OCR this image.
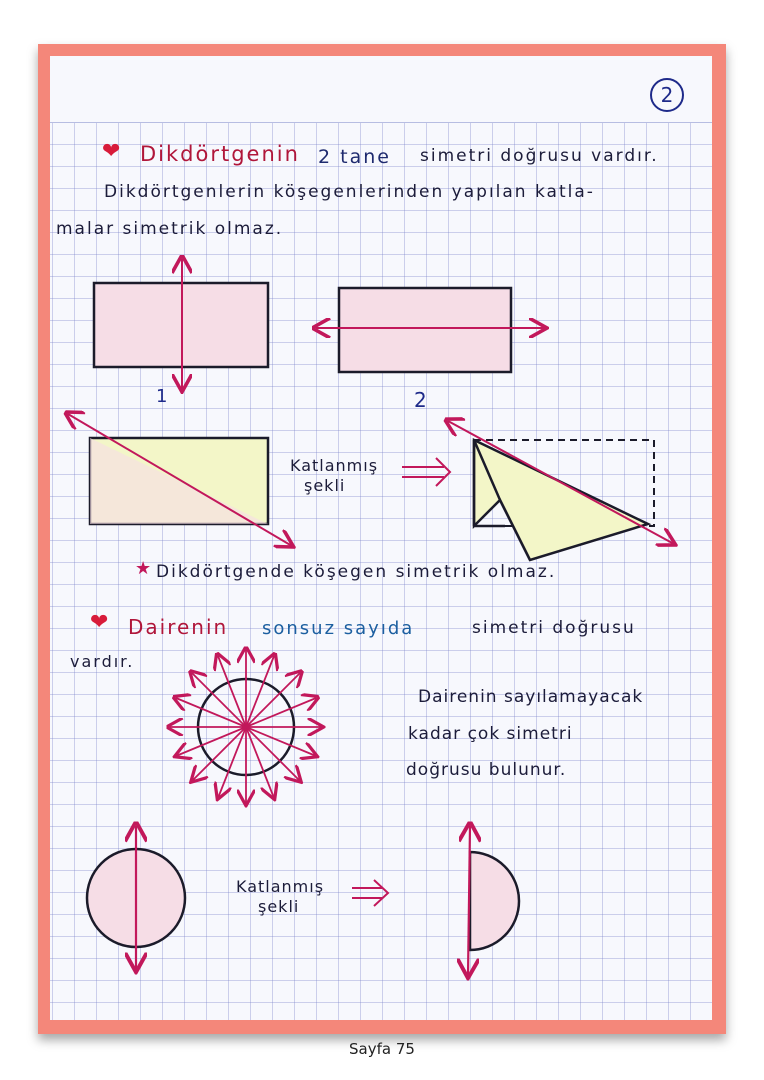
2
❤ Dikdörtgenin 2 tane simetri doğrusu vardır.
Dikdörtgenlerin köşegenlerinden yapılan katla-
malar simetrik olmaz.
1	2
Katlanmış
şekli
★ Dikdörtgende köşegen simetrik olmaz.
❤ Dairenin sonsuz sayıda	simetri doğrusu
vardır.
Dairenin sayılamayacak
kadar çok simetri
doğrusu bulunur.
Katlanmış
şekli
Sayfa 75
